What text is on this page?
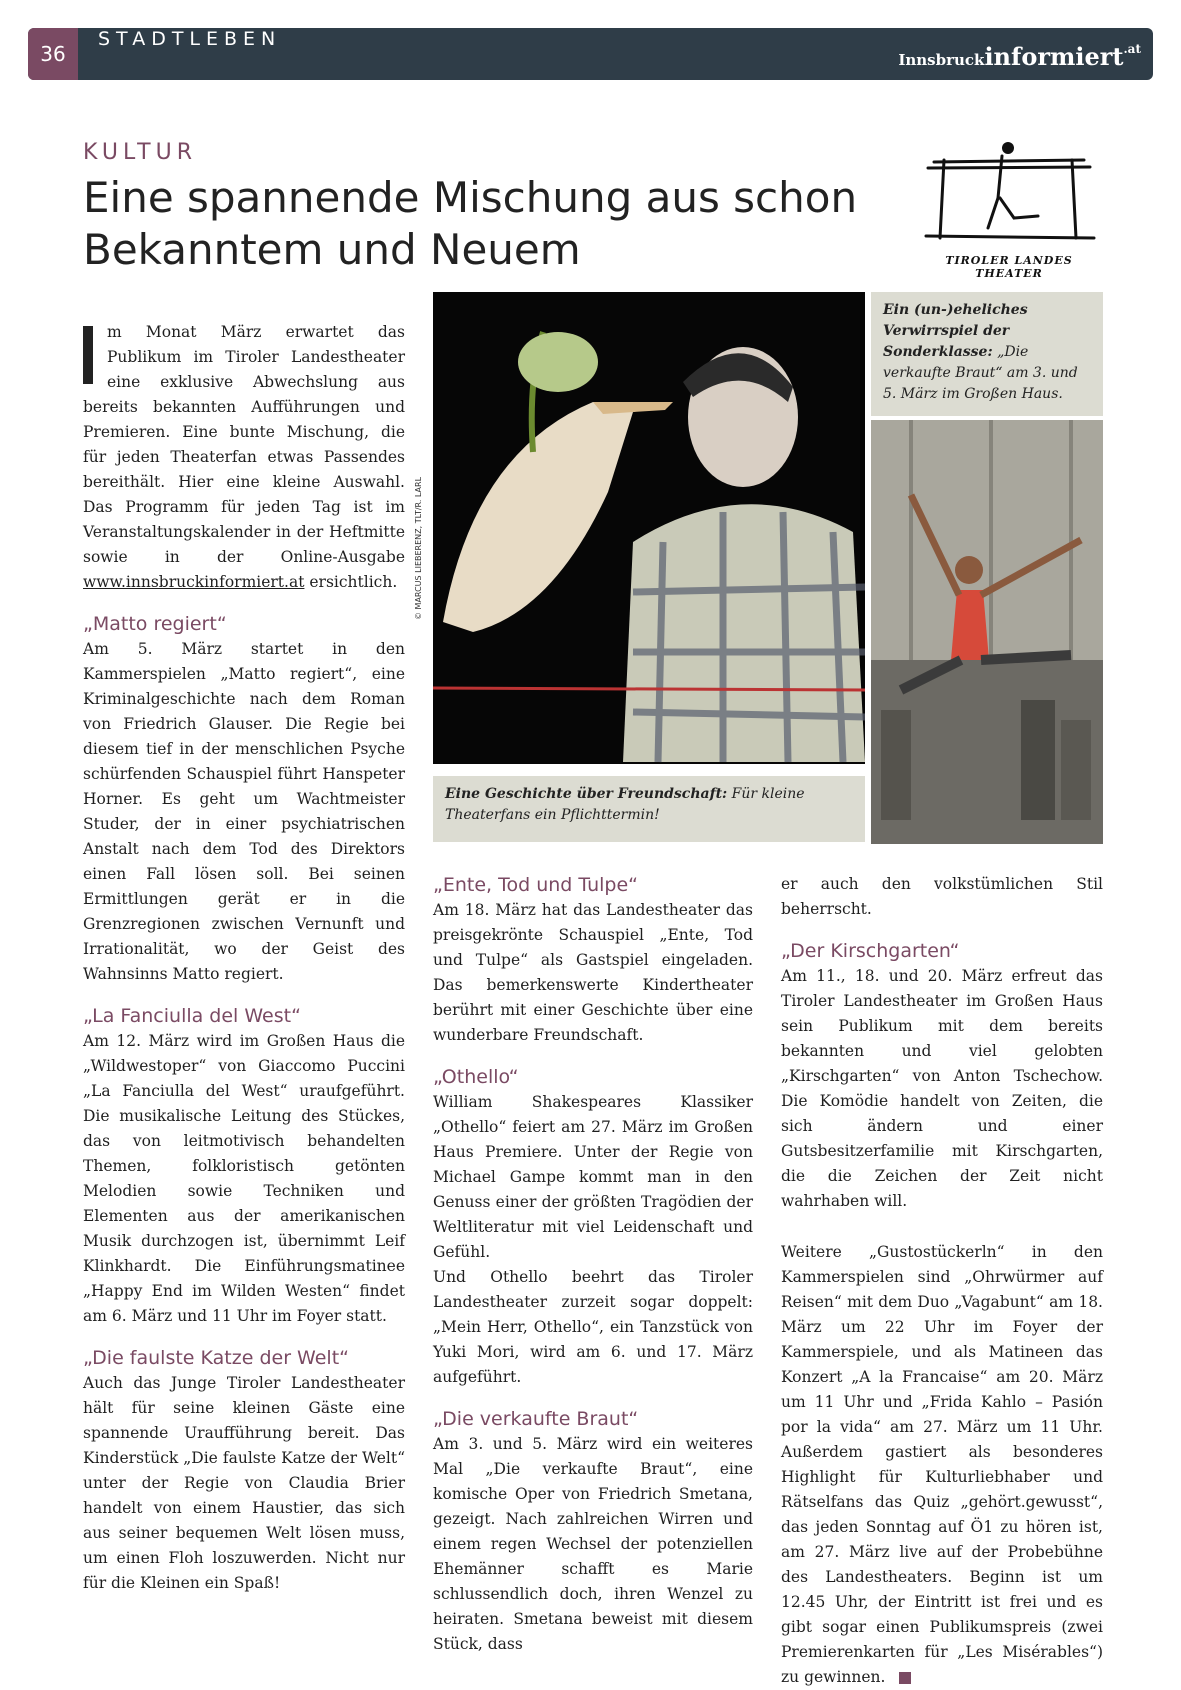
36
STADTLEBEN
Innsbruckinformiert$^{.at}$
KULTUR
Eine spannende Mischung aus schon Bekanntem und Neuem	TIROLER LANDES THEATER

m Monat März erwartet das Publikum im Tiroler Landestheater eine exklusive Abwechslung aus bereits bekannten Aufführungen und Premieren. Eine bunte Mischung, die für jeden Theaterfan etwas Passendes bereithält. Hier eine kleine Auswahl. Das Programm für jeden Tag ist im Veranstaltungskalender in der Heftmitte sowie in der Online-Ausgabe www.innsbruckinformiert.at ersichtlich.

„Matto regiert“

Am 5. März startet in den Kammerspielen „Matto regiert“, eine Kriminalgeschichte nach dem Roman von Friedrich Glauser. Die Regie bei diesem tief in der menschlichen Psyche schürfenden Schauspiel führt Hanspeter Horner. Es geht um Wachtmeister Studer, der in einer psychiatrischen Anstalt nach dem Tod des Direktors einen Fall lösen soll. Bei seinen Ermittlungen gerät er in die Grenzregionen zwischen Vernunft und Irrationalität, wo der Geist des Wahnsinns Matto regiert.

„La Fanciulla del West“

Am 12. März wird im Großen Haus die „Wildwestoper“ von Giaccomo Puccini „La Fanciulla del West“ uraufgeführt. Die musikalische Leitung des Stückes, das von leitmotivisch behandelten Themen, folkloristisch getönten Melodien sowie Techniken und Elementen aus der amerikanischen Musik durchzogen ist, übernimmt Leif Klinkhardt. Die Einführungsmatinee „Happy End im Wilden Westen“ findet am 6. März und 11 Uhr im Foyer statt.

„Die faulste Katze der Welt“

Auch das Junge Tiroler Landestheater hält für seine kleinen Gäste eine spannende Uraufführung bereit. Das Kinderstück „Die faulste Katze der Welt“ unter der Regie von Claudia Brier handelt von einem Haustier, das sich aus seiner bequemen Welt lösen muss, um einen Floh loszuwerden. Nicht nur für die Kleinen ein Spaß!

© MARCUS LIEBERENZ, TLT/R. LARL
Eine Geschichte über Freundschaft: Für kleine Theaterfans ein Pflichttermin!
Ein (un-)eheliches Verwirrspiel der Sonderklasse: „Die verkaufte Braut“ am 3. und 5. März im Großen Haus.
„Ente, Tod und Tulpe“

Am 18. März hat das Landestheater das preisgekrönte Schauspiel „Ente, Tod und Tulpe“ als Gastspiel eingeladen. Das bemerkenswerte Kindertheater berührt mit einer Geschichte über eine wunderbare Freundschaft.

„Othello“

William Shakespeares Klassiker „Othello“ feiert am 27. März im Großen Haus Premiere. Unter der Regie von Michael Gampe kommt man in den Genuss einer der größten Tragödien der Weltliteratur mit viel Leidenschaft und Gefühl.

Und Othello beehrt das Tiroler Landestheater zurzeit sogar doppelt: „Mein Herr, Othello“, ein Tanzstück von Yuki Mori, wird am 6. und 17. März aufgeführt.

„Die verkaufte Braut“

Am 3. und 5. März wird ein weiteres Mal „Die verkaufte Braut“, eine komische Oper von Friedrich Smetana, gezeigt. Nach zahlreichen Wirren und einem regen Wechsel der potenziellen Ehemänner schafft es Marie schlussendlich doch, ihren Wenzel zu heiraten. Smetana beweist mit diesem Stück, dass

er auch den volkstümlichen Stil beherrscht.

„Der Kirschgarten“

Am 11., 18. und 20. März erfreut das Tiroler Landestheater im Großen Haus sein Publikum mit dem bereits bekannten und viel gelobten „Kirschgarten“ von Anton Tschechow. Die Komödie handelt von Zeiten, die sich ändern und einer Gutsbesitzerfamilie mit Kirschgarten, die die Zeichen der Zeit nicht wahrhaben will.

Weitere „Gustostückerln“ in den Kammerspielen sind „Ohrwürmer auf Reisen“ mit dem Duo „Vagabunt“ am 18. März um 22 Uhr im Foyer der Kammerspiele, und als Matineen das Konzert „A la Francaise“ am 20. März um 11 Uhr und „Frida Kahlo – Pasión por la vida“ am 27. März um 11 Uhr. Außerdem gastiert als besonderes Highlight für Kulturliebhaber und Rätselfans das Quiz „gehört.gewusst“, das jeden Sonntag auf Ö1 zu hören ist, am 27. März live auf der Probebühne des Landestheaters. Beginn ist um 12.45 Uhr, der Eintritt ist frei und es gibt sogar einen Publikumspreis (zwei Premierenkarten für „Les Misérables“) zu gewinnen.
